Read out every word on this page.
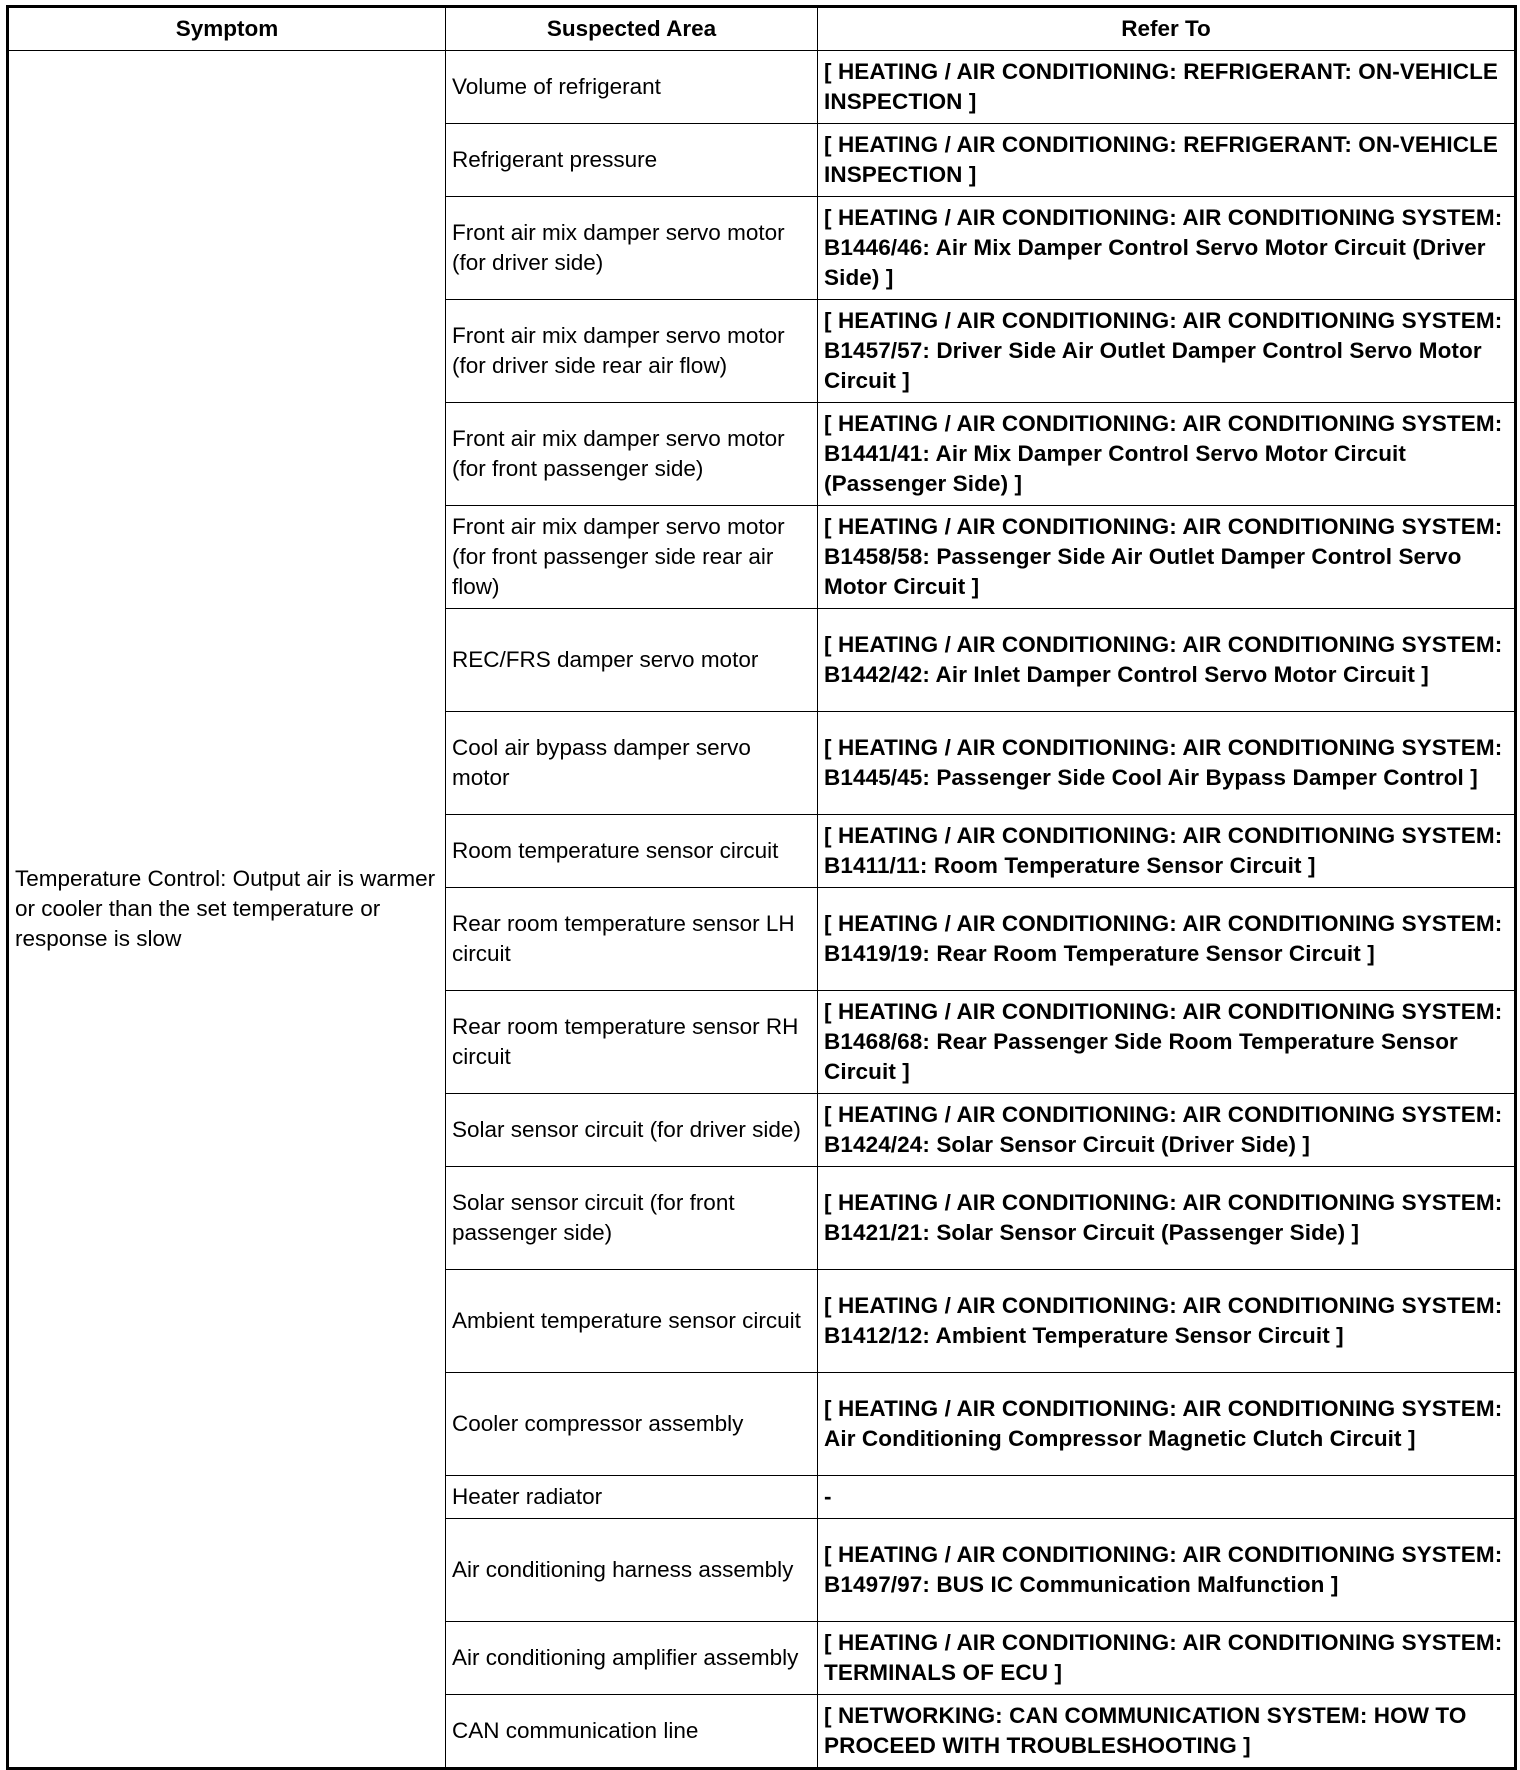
Symptom	Suspected Area	Refer To
Temperature Control: Output air is warmer or cooler than the set temperature or response is slow	Volume of refrigerant	[ HEATING / AIR CONDITIONING: REFRIGERANT: ON-VEHICLE INSPECTION ]
	Refrigerant pressure	[ HEATING / AIR CONDITIONING: REFRIGERANT: ON-VEHICLE INSPECTION ]
	Front air mix damper servo motor (for driver side)	[ HEATING / AIR CONDITIONING: AIR CONDITIONING SYSTEM: B1446/46: Air Mix Damper Control Servo Motor Circuit (Driver Side) ]
	Front air mix damper servo motor (for driver side rear air flow)	[ HEATING / AIR CONDITIONING: AIR CONDITIONING SYSTEM: B1457/57: Driver Side Air Outlet Damper Control Servo Motor Circuit ]
	Front air mix damper servo motor (for front passenger side)	[ HEATING / AIR CONDITIONING: AIR CONDITIONING SYSTEM: B1441/41: Air Mix Damper Control Servo Motor Circuit (Passenger Side) ]
	Front air mix damper servo motor (for front passenger side rear air flow)	[ HEATING / AIR CONDITIONING: AIR CONDITIONING SYSTEM: B1458/58: Passenger Side Air Outlet Damper Control Servo Motor Circuit ]
	REC/FRS damper servo motor	[ HEATING / AIR CONDITIONING: AIR CONDITIONING SYSTEM: B1442/42: Air Inlet Damper Control Servo Motor Circuit ]
	Cool air bypass damper servo motor	[ HEATING / AIR CONDITIONING: AIR CONDITIONING SYSTEM: B1445/45: Passenger Side Cool Air Bypass Damper Control ]
	Room temperature sensor circuit	[ HEATING / AIR CONDITIONING: AIR CONDITIONING SYSTEM: B1411/11: Room Temperature Sensor Circuit ]
	Rear room temperature sensor LH circuit	[ HEATING / AIR CONDITIONING: AIR CONDITIONING SYSTEM: B1419/19: Rear Room Temperature Sensor Circuit ]
	Rear room temperature sensor RH circuit	[ HEATING / AIR CONDITIONING: AIR CONDITIONING SYSTEM: B1468/68: Rear Passenger Side Room Temperature Sensor Circuit ]
	Solar sensor circuit (for driver side)	[ HEATING / AIR CONDITIONING: AIR CONDITIONING SYSTEM: B1424/24: Solar Sensor Circuit (Driver Side) ]
	Solar sensor circuit (for front passenger side)	[ HEATING / AIR CONDITIONING: AIR CONDITIONING SYSTEM: B1421/21: Solar Sensor Circuit (Passenger Side) ]
	Ambient temperature sensor circuit	[ HEATING / AIR CONDITIONING: AIR CONDITIONING SYSTEM: B1412/12: Ambient Temperature Sensor Circuit ]
	Cooler compressor assembly	[ HEATING / AIR CONDITIONING: AIR CONDITIONING SYSTEM: Air Conditioning Compressor Magnetic Clutch Circuit ]
	Heater radiator	-
	Air conditioning harness assembly	[ HEATING / AIR CONDITIONING: AIR CONDITIONING SYSTEM: B1497/97: BUS IC Communication Malfunction ]
	Air conditioning amplifier assembly	[ HEATING / AIR CONDITIONING: AIR CONDITIONING SYSTEM: TERMINALS OF ECU ]
	CAN communication line	[ NETWORKING: CAN COMMUNICATION SYSTEM: HOW TO PROCEED WITH TROUBLESHOOTING ]
